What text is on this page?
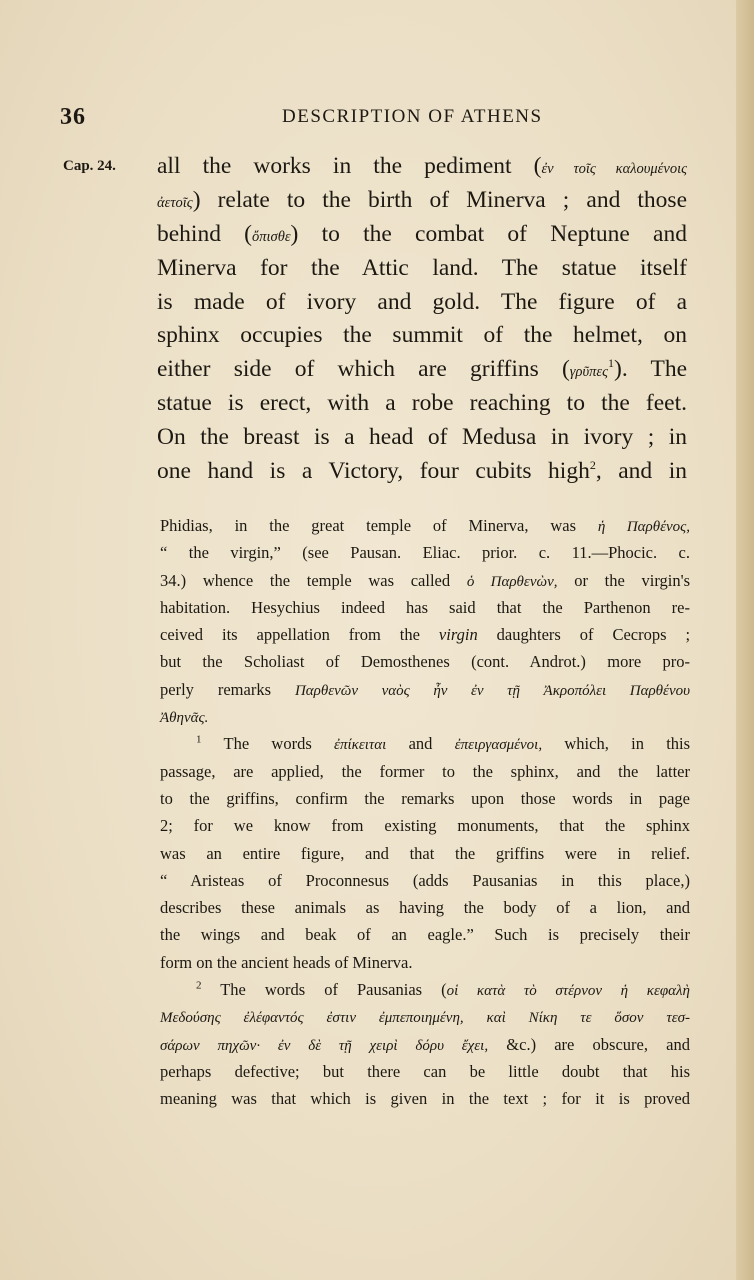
36	DESCRIPTION OF ATHENS
Cap. 24. all the works in the pediment (ἐν τοῖς καλουμένοις
ἀετοῖς) relate to the birth of Minerva ; and those
behind (ὄπισθε) to the combat of Neptune and
Minerva for the Attic land. The statue itself
is made of ivory and gold. The figure of a
sphinx occupies the summit of the helmet, on
either side of which are griffins (γρῦπες$^1$). The
statue is erect, with a robe reaching to the feet.
On the breast is a head of Medusa in ivory ; in
one hand is a Victory, four cubits high$^2$, and in
Phidias, in the great temple of Minerva, was ἡ Παρθένος,
“ the virgin,” (see Pausan. Eliac. prior. c. 11.—Phocic. c.
34.) whence the temple was called ὁ Παρθενὼν, or the virgin's
habitation. Hesychius indeed has said that the Parthenon re-
ceived its appellation from the virgin daughters of Cecrops ;
but the Scholiast of Demosthenes (cont. Androt.) more pro-
perly remarks Παρθενῶν ναὸς ἦν ἐν τῇ Ἀκροπόλει Παρθένου
Ἀθηνᾶς.
$^1$ The words ἐπίκειται and ἐπειργασμένοι, which, in this
passage, are applied, the former to the sphinx, and the latter
to the griffins, confirm the remarks upon those words in page
2; for we know from existing monuments, that the sphinx
was an entire figure, and that the griffins were in relief.
“ Aristeas of Proconnesus (adds Pausanias in this place,)
describes these animals as having the body of a lion, and
the wings and beak of an eagle.” Such is precisely their
form on the ancient heads of Minerva.
$^2$ The words of Pausanias (οἱ κατὰ τὸ στέρνον ἡ κεφαλὴ
Μεδούσης ἐλέφαντός ἐστιν ἐμπεποιημένη, καὶ Νίκη τε ὅσον τεσ-
σάρων πηχῶν· ἐν δὲ τῇ χειρὶ δόρυ ἔχει, &c.) are obscure, and
perhaps defective; but there can be little doubt that his
meaning was that which is given in the text ; for it is proved
